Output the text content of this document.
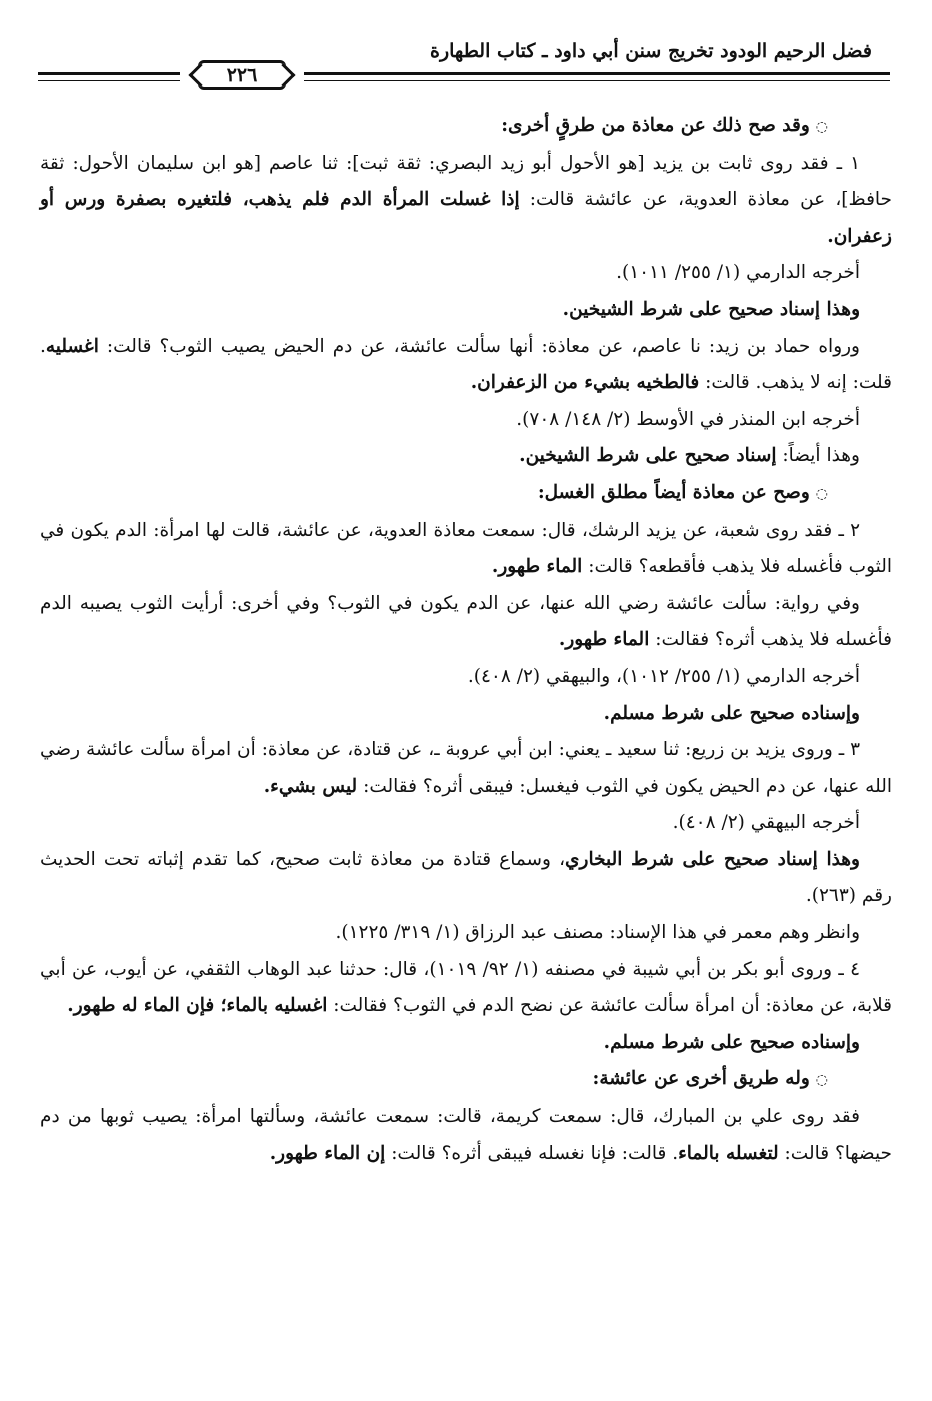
فضل الرحيم الودود تخريج سنن أبي داود ـ كتاب الطهارة
٢٢٦

◌وقد صح ذلك عن معاذة من طرقٍ أخرى:

١ ـ فقد روى ثابت بن يزيد [هو الأحول أبو زيد البصري: ثقة ثبت]: ثنا عاصم [هو ابن سليمان الأحول: ثقة حافظ]، عن معاذة العدوية، عن عائشة قالت: إذا غسلت المرأة الدم فلم يذهب، فلتغيره بصفرة ورس أو زعفران.

أخرجه الدارمي (١/ ٢٥٥/ ١٠١١).

وهذا إسناد صحيح على شرط الشيخين.

ورواه حماد بن زيد: نا عاصم، عن معاذة: أنها سألت عائشة، عن دم الحيض يصيب الثوب؟ قالت: اغسليه. قلت: إنه لا يذهب. قالت: فالطخيه بشيء من الزعفران.

أخرجه ابن المنذر في الأوسط (٢/ ١٤٨/ ٧٠٨).

وهذا أيضاً: إسناد صحيح على شرط الشيخين.

◌وصح عن معاذة أيضاً مطلق الغسل:

٢ ـ فقد روى شعبة، عن يزيد الرشك، قال: سمعت معاذة العدوية، عن عائشة، قالت لها امرأة: الدم يكون في الثوب فأغسله فلا يذهب فأقطعه؟ قالت: الماء طهور.

وفي رواية: سألت عائشة رضي الله عنها، عن الدم يكون في الثوب؟ وفي أخرى: أرأيت الثوب يصيبه الدم فأغسله فلا يذهب أثره؟ فقالت: الماء طهور.

أخرجه الدارمي (١/ ٢٥٥/ ١٠١٢)، والبيهقي (٢/ ٤٠٨).

وإسناده صحيح على شرط مسلم.

٣ ـ وروى يزيد بن زريع: ثنا سعيد ـ يعني: ابن أبي عروبة ـ، عن قتادة، عن معاذة: أن امرأة سألت عائشة رضي الله عنها، عن دم الحيض يكون في الثوب فيغسل: فيبقى أثره؟ فقالت: ليس بشيء.

أخرجه البيهقي (٢/ ٤٠٨).

وهذا إسناد صحيح على شرط البخاري، وسماع قتادة من معاذة ثابت صحيح، كما تقدم إثباته تحت الحديث رقم (٢٦٣).

وانظر وهم معمر في هذا الإسناد: مصنف عبد الرزاق (١/ ٣١٩/ ١٢٢٥).

٤ ـ وروى أبو بكر بن أبي شيبة في مصنفه (١/ ٩٢/ ١٠١٩)، قال: حدثنا عبد الوهاب الثقفي، عن أيوب، عن أبي قلابة، عن معاذة: أن امرأة سألت عائشة عن نضح الدم في الثوب؟ فقالت: اغسليه بالماء؛ فإن الماء له طهور.

وإسناده صحيح على شرط مسلم.

◌وله طريق أخرى عن عائشة:

فقد روى علي بن المبارك، قال: سمعت كريمة، قالت: سمعت عائشة، وسألتها امرأة: يصيب ثوبها من دم حيضها؟ قالت: لتغسله بالماء. قالت: فإنا نغسله فيبقى أثره؟ قالت: إن الماء طهور.
